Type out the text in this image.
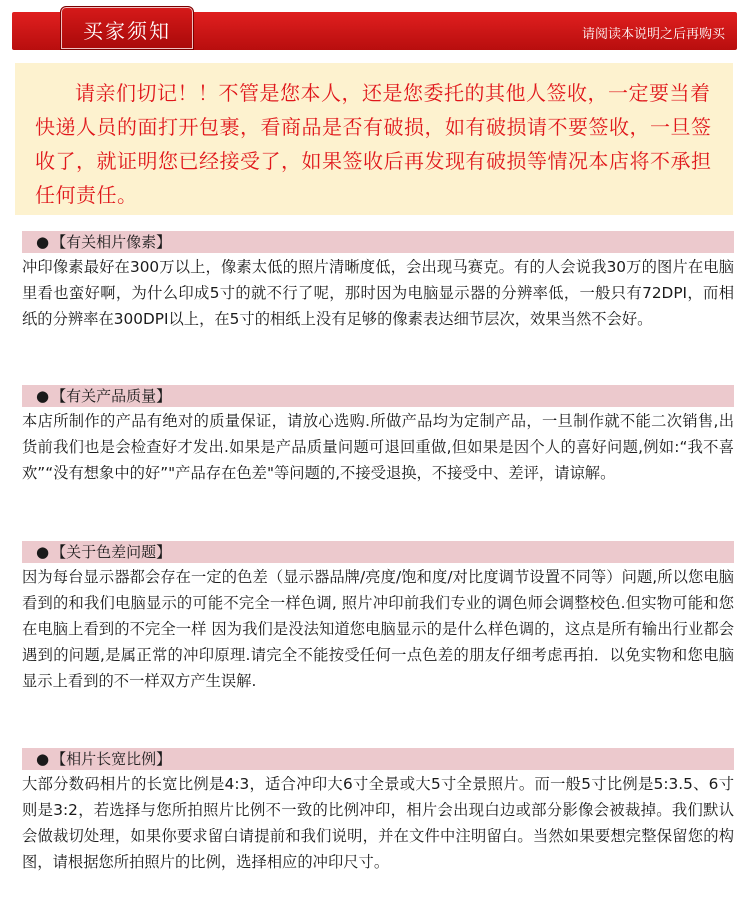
买家须知	请阅读本说明之后再购买
请亲们切记！！不管是您本人，还是您委托的其他人签收，一定要当着快递人员的面打开包裹，看商品是否有破损，如有破损请不要签收，一旦签收了，就证明您已经接受了，如果签收后再发现有破损等情况本店将不承担任何责任。
● 【有关相片像素】
冲印像素最好在300万以上，像素太低的照片清晰度低，会出现马赛克。有的人会说我30万的图片在电脑里看也蛮好啊，为什么印成5寸的就不行了呢，那时因为电脑显示器的分辨率低，一般只有72DPI，而相纸的分辨率在300DPI以上，在5寸的相纸上没有足够的像素表达细节层次，效果当然不会好。
● 【有关产品质量】
本店所制作的产品有绝对的质量保证，请放心选购.所做产品均为定制产品，一旦制作就不能二次销售,出货前我们也是会检查好才发出.如果是产品质量问题可退回重做,但如果是因个人的喜好问题,例如:“我不喜欢”“没有想象中的好”"产品存在色差"等问题的,不接受退换，不接受中、差评，请谅解。
● 【关于色差问题】
因为每台显示器都会存在一定的色差（显示器品牌/亮度/饱和度/对比度调节设置不同等）问题,所以您电脑看到的和我们电脑显示的可能不完全一样色调, 照片冲印前我们专业的调色师会调整校色.但实物可能和您在电脑上看到的不完全一样 因为我们是没法知道您电脑显示的是什么样色调的，这点是所有输出行业都会遇到的问题,是属正常的冲印原理.请完全不能按受任何一点色差的朋友仔细考虑再拍．以免实物和您电脑显示上看到的不一样双方产生误解.
● 【相片长宽比例】
大部分数码相片的长宽比例是4:3，适合冲印大6寸全景或大5寸全景照片。而一般5寸比例是5:3.5、6寸则是3:2，若选择与您所拍照片比例不一致的比例冲印，相片会出现白边或部分影像会被裁掉。我们默认会做裁切处理，如果你要求留白请提前和我们说明，并在文件中注明留白。当然如果要想完整保留您的构图，请根据您所拍照片的比例，选择相应的冲印尺寸。
